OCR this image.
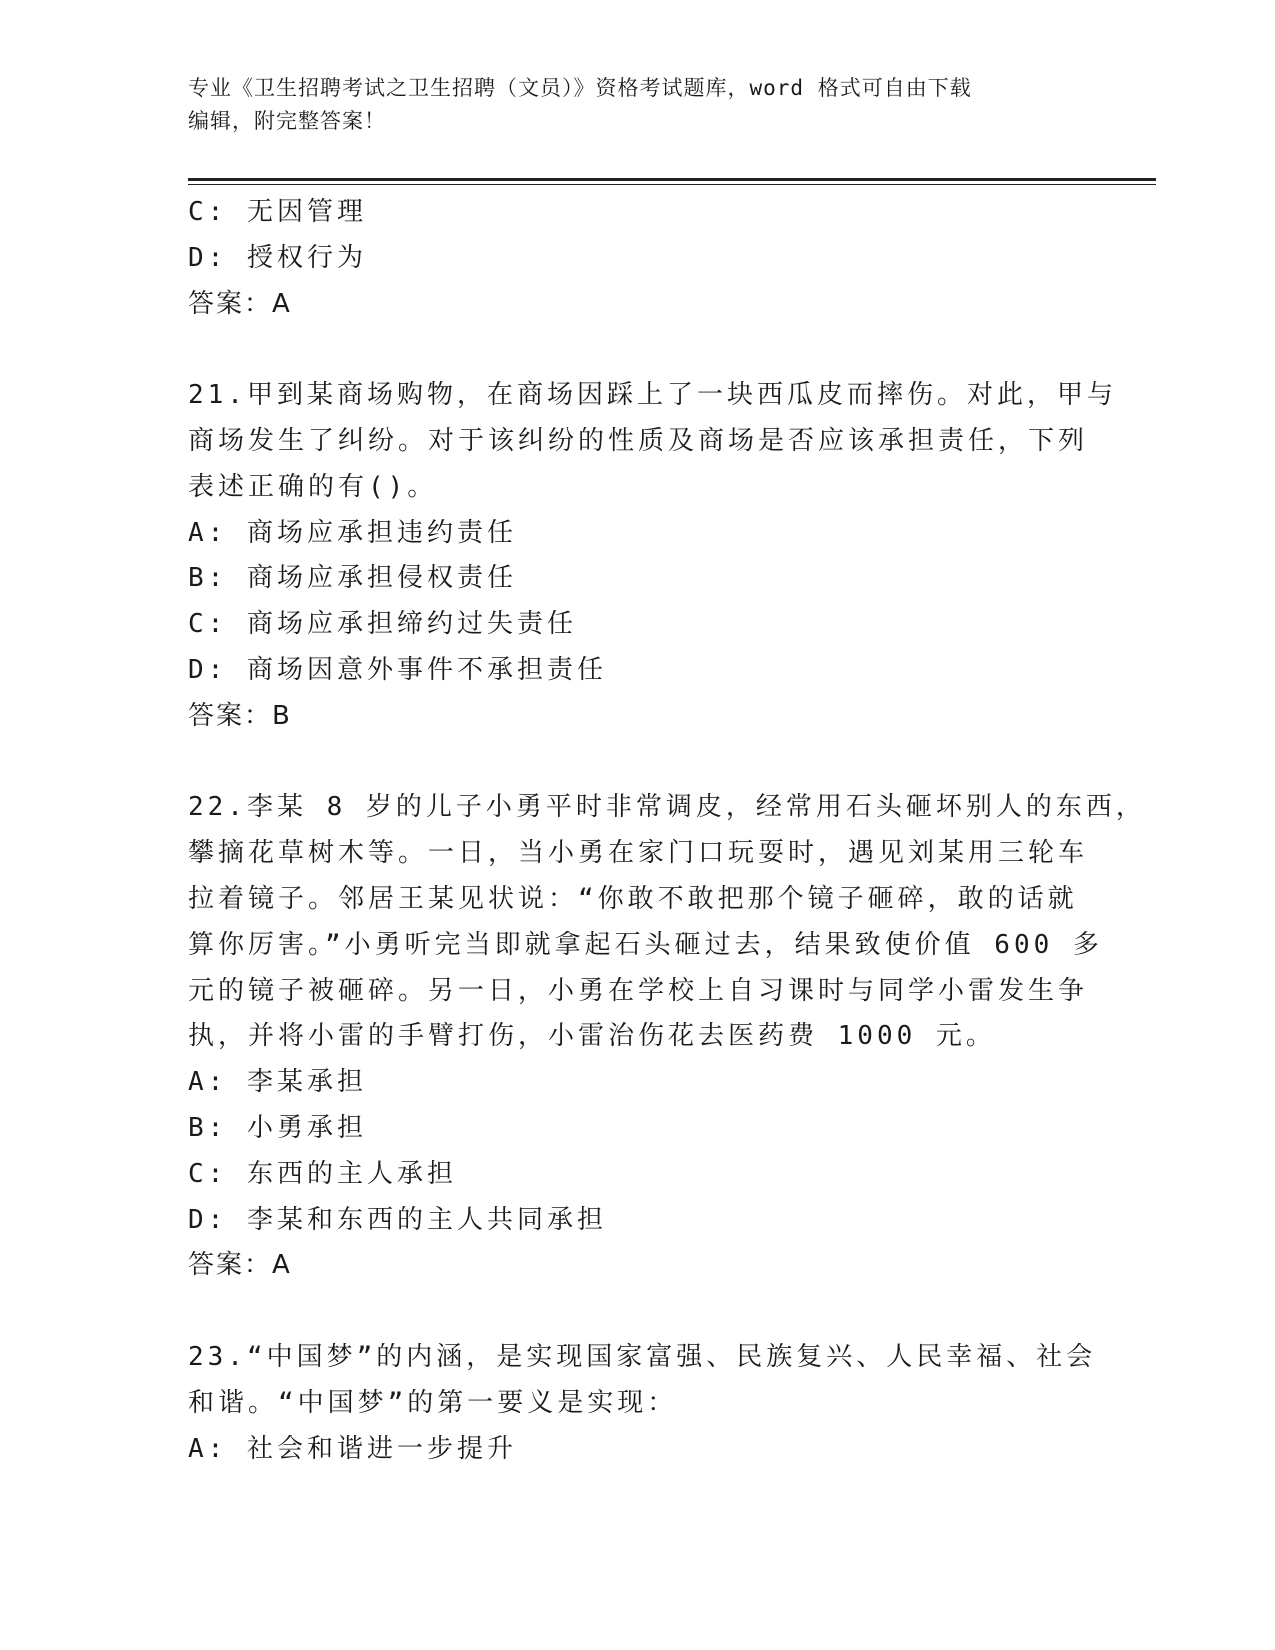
专业《卫生招聘考试之卫生招聘（文员）》资格考试题库，word 格式可自由下载
编辑，附完整答案！
C: 无因管理
D: 授权行为
答案：A
21.甲到某商场购物，在商场因踩上了一块西瓜皮而摔伤。对此，甲与
商场发生了纠纷。对于该纠纷的性质及商场是否应该承担责任，下列
表述正确的有()。
A: 商场应承担违约责任
B: 商场应承担侵权责任
C: 商场应承担缔约过失责任
D: 商场因意外事件不承担责任
答案：B
22.李某 8 岁的儿子小勇平时非常调皮，经常用石头砸坏别人的东西，
攀摘花草树木等。一日，当小勇在家门口玩耍时，遇见刘某用三轮车
拉着镜子。邻居王某见状说：“你敢不敢把那个镜子砸碎，敢的话就
算你厉害。”小勇听完当即就拿起石头砸过去，结果致使价值 600 多
元的镜子被砸碎。另一日，小勇在学校上自习课时与同学小雷发生争
执，并将小雷的手臂打伤，小雷治伤花去医药费 1000 元。
A: 李某承担
B: 小勇承担
C: 东西的主人承担
D: 李某和东西的主人共同承担
答案：A
23.“中国梦”的内涵，是实现国家富强、民族复兴、人民幸福、社会
和谐。“中国梦”的第一要义是实现：
A: 社会和谐进一步提升
